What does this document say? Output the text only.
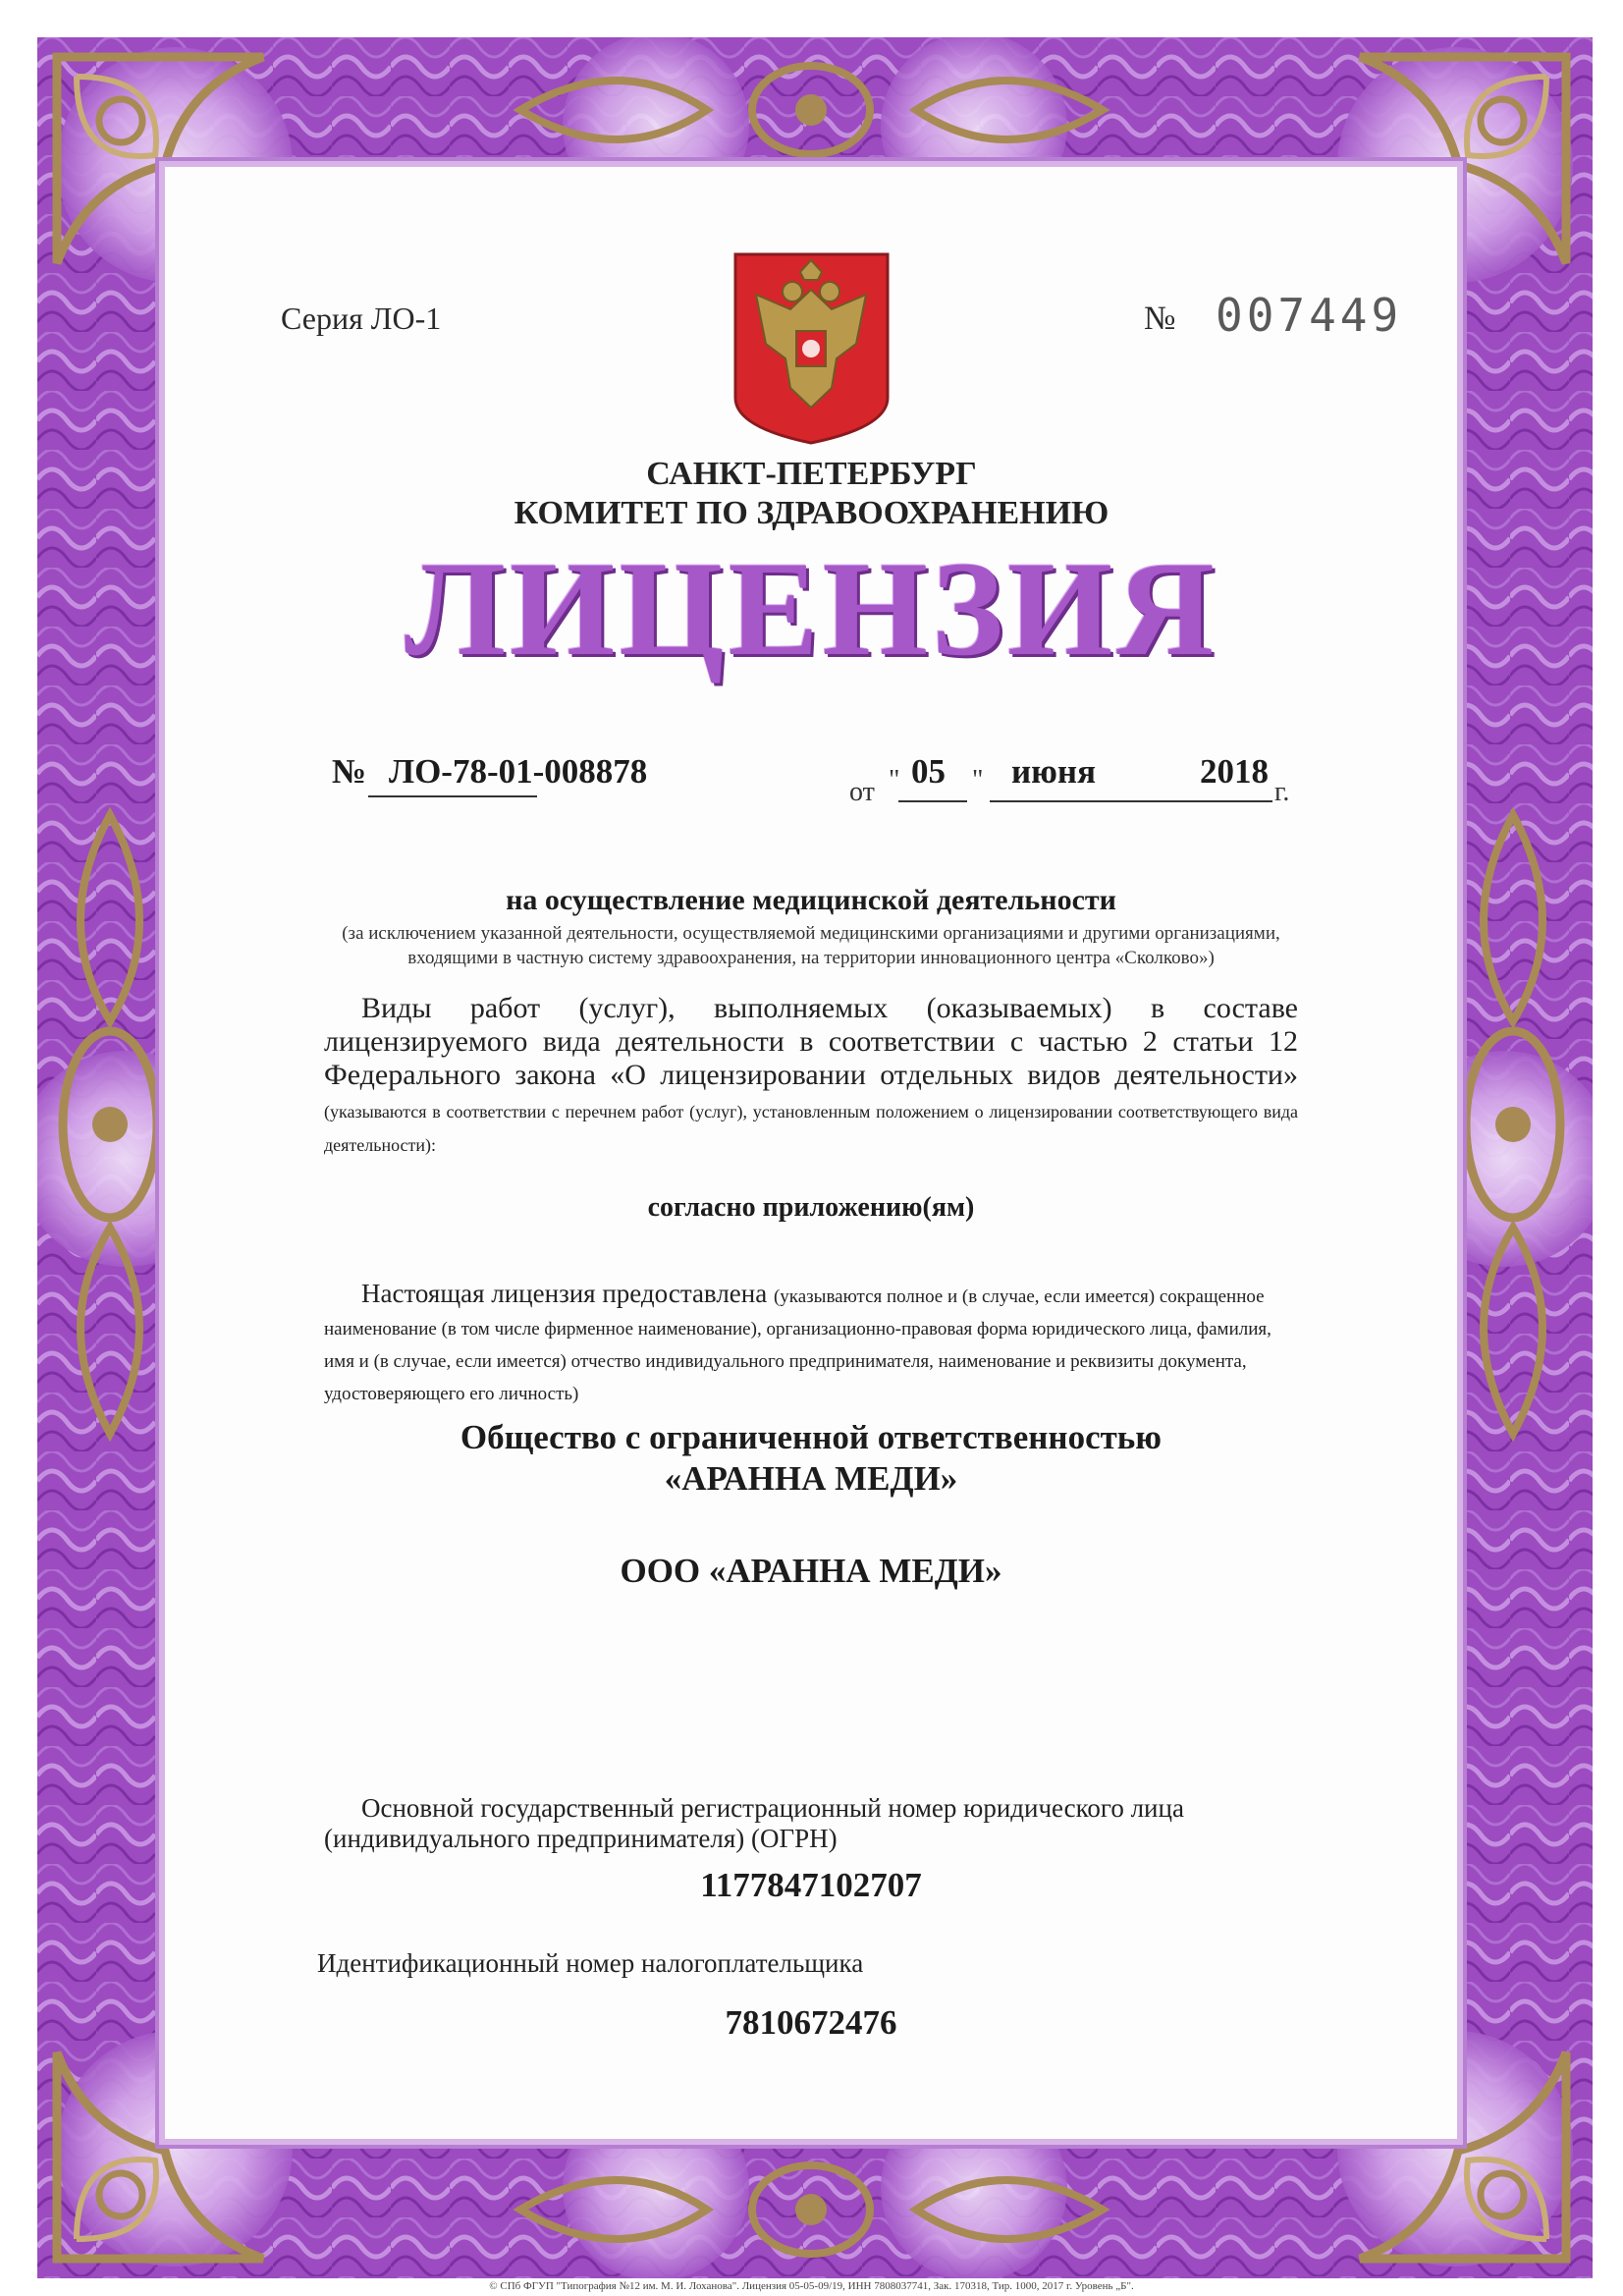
Серия ЛО-1	№ 007449
САНКТ-ПЕТЕРБУРГ
КОМИТЕТ ПО ЗДРАВООХРАНЕНИЮ
ЛИЦЕНЗИЯ
№ ЛО-78-01-008878
от " 05 " июня	2018
г.
на осуществление медицинской деятельности
(за исключением указанной деятельности, осуществляемой медицинскими организациями и другими организациями, входящими в частную систему здравоохранения, на территории инновационного центра «Сколково»)
Виды работ (услуг), выполняемых (оказываемых) в составе лицензируемого вида деятельности в соответствии с частью 2 статьи 12 Федерального закона «О лицензировании отдельных видов деятельности» (указываются в соответствии с перечнем работ (услуг), установленным положением о лицензировании соответствующего вида деятельности):
согласно приложению(ям)
Настоящая лицензия предоставлена (указываются полное и (в случае, если имеется) сокращенное наименование (в том числе фирменное наименование), организационно-правовая форма юридического лица, фамилия, имя и (в случае, если имеется) отчество индивидуального предпринимателя, наименование и реквизиты документа, удостоверяющего его личность)
Общество с ограниченной ответственностью
«АРАННА МЕДИ»
ООО «АРАННА МЕДИ»
Основной государственный регистрационный номер юридического лица (индивидуального предпринимателя) (ОГРН)
1177847102707
Идентификационный номер налогоплательщика
7810672476
© СПб ФГУП "Типография №12 им. М. И. Лоханова". Лицензия 05-05-09/19, ИНН 7808037741, Зак. 170318, Тир. 1000, 2017 г. Уровень „Б".
